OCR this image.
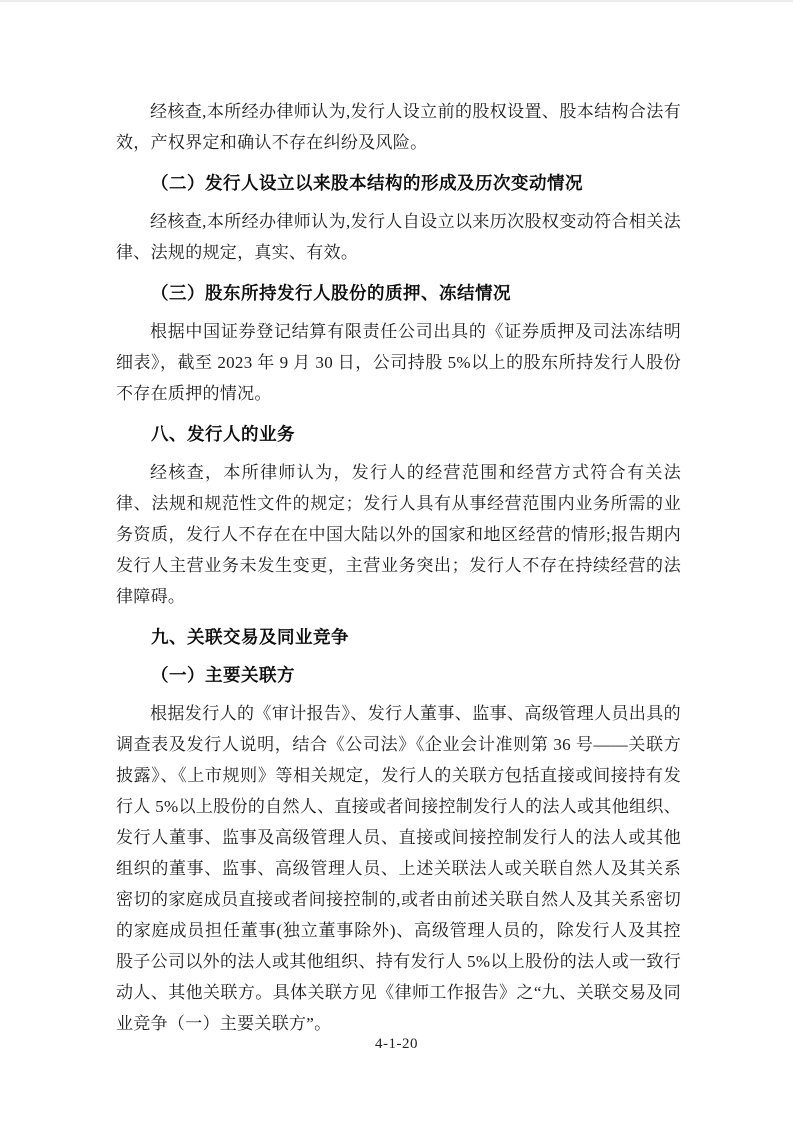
经核查,本所经办律师认为,发行人设立前的股权设置、股本结构合法有效，产权界定和确认不存在纠纷及风险。

（二）发行人设立以来股本结构的形成及历次变动情况

经核查,本所经办律师认为,发行人自设立以来历次股权变动符合相关法律、法规的规定，真实、有效。

（三）股东所持发行人股份的质押、冻结情况

根据中国证券登记结算有限责任公司出具的《证券质押及司法冻结明细表》，截至 2023 年 9 月 30 日，公司持股 5%以上的股东所持发行人股份不存在质押的情况。

八、发行人的业务

经核查，本所律师认为，发行人的经营范围和经营方式符合有关法律、法规和规范性文件的规定；发行人具有从事经营范围内业务所需的业务资质，发行人不存在在中国大陆以外的国家和地区经营的情形;报告期内发行人主营业务未发生变更，主营业务突出；发行人不存在持续经营的法律障碍。

九、关联交易及同业竞争
（一）主要关联方

根据发行人的《审计报告》、发行人董事、监事、高级管理人员出具的调查表及发行人说明，结合《公司法》《企业会计准则第 36 号——关联方披露》、《上市规则》等相关规定，发行人的关联方包括直接或间接持有发行人 5%以上股份的自然人、直接或者间接控制发行人的法人或其他组织、发行人董事、监事及高级管理人员、直接或间接控制发行人的法人或其他组织的董事、监事、高级管理人员、上述关联法人或关联自然人及其关系密切的家庭成员直接或者间接控制的,或者由前述关联自然人及其关系密切的家庭成员担任董事(独立董事除外)、高级管理人员的，除发行人及其控股子公司以外的法人或其他组织、持有发行人 5%以上股份的法人或一致行动人、其他关联方。具体关联方见《律师工作报告》之“九、关联交易及同业竞争（一）主要关联方”。

4-1-20
